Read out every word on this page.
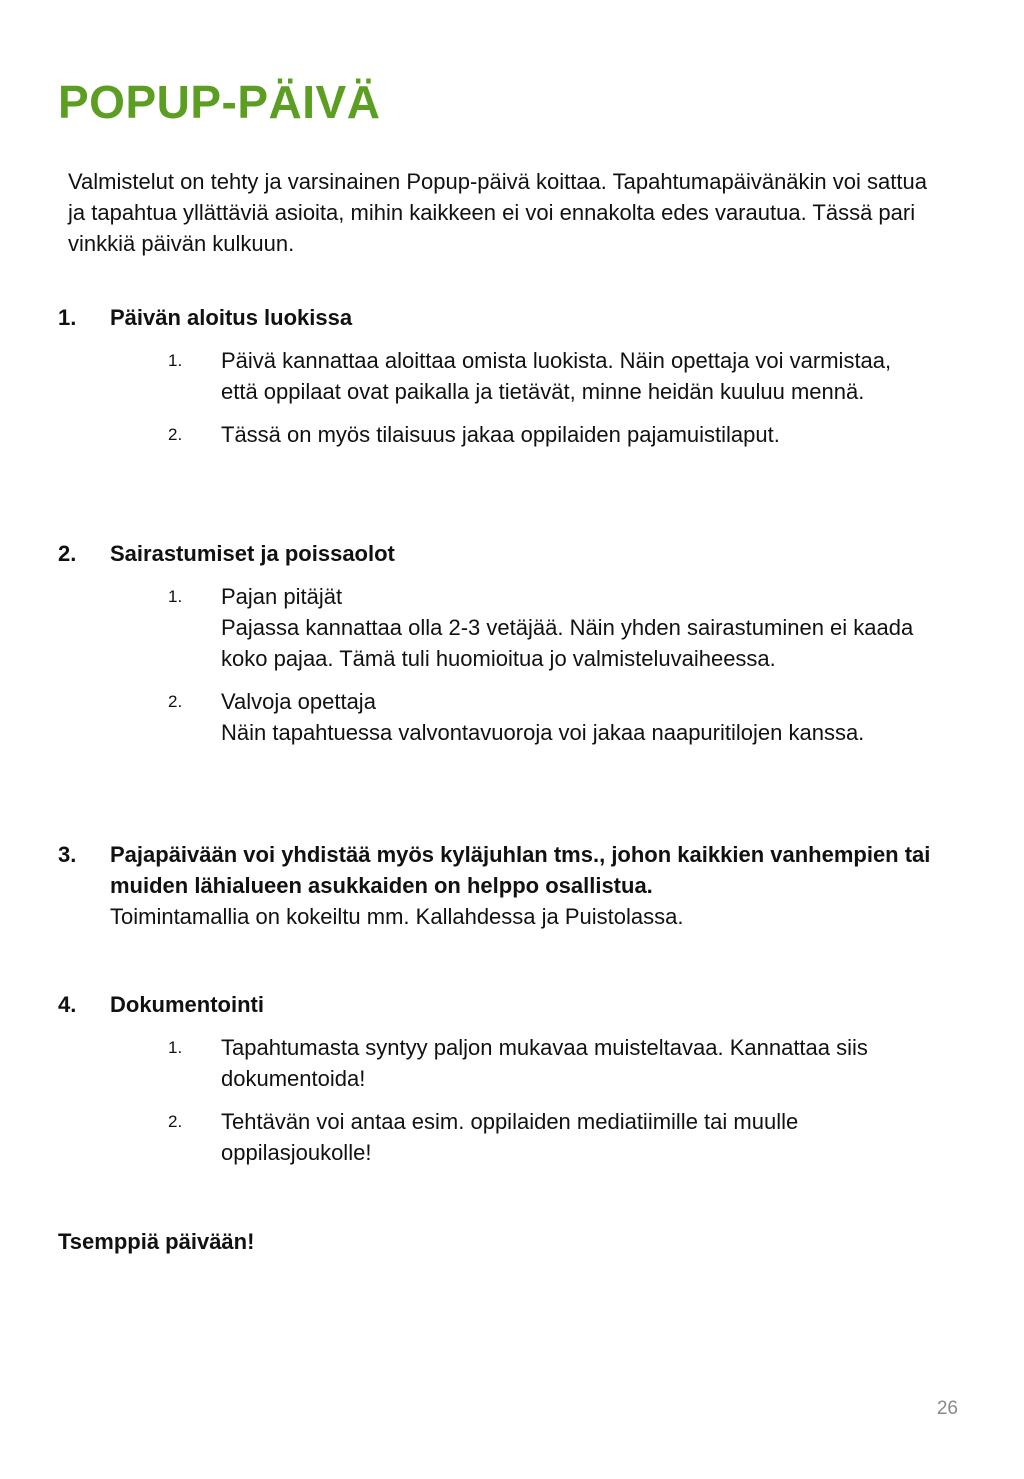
POPUP-PÄIVÄ

Valmistelut on tehty ja varsinainen Popup-päivä koittaa. Tapahtumapäivänäkin voi sattua ja tapahtua yllättäviä asioita, mihin kaikkeen ei voi ennakolta edes varautua. Tässä pari vinkkiä päivän kulkuun.

1. Päivän aloitus luokissa

1. Päivä kannattaa aloittaa omista luokista. Näin opettaja voi varmistaa, että oppilaat ovat paikalla ja tietävät, minne heidän kuuluu mennä.
2. Tässä on myös tilaisuus jakaa oppilaiden pajamuistilaput.

2. Sairastumiset ja poissaolot

1. Pajan pitäjät
Pajassa kannattaa olla 2-3 vetäjää. Näin yhden sairastuminen ei kaada koko pajaa. Tämä tuli huomioitua jo valmisteluvaiheessa.
2. Valvoja opettaja
Näin tapahtuessa valvontavuoroja voi jakaa naapuritilojen kanssa.

3. Pajapäivään voi yhdistää myös kyläjuhlan tms., johon kaikkien vanhempien tai muiden lähialueen asukkaiden on helppo osallistua.

Toimintamallia on kokeiltu mm. Kallahdessa ja Puistolassa.

4. Dokumentointi

1. Tapahtumasta syntyy paljon mukavaa muisteltavaa. Kannattaa siis dokumentoida!
2. Tehtävän voi antaa esim. oppilaiden mediatiimille tai muulle oppilasjoukolle!

Tsemppiä päivään!

26
